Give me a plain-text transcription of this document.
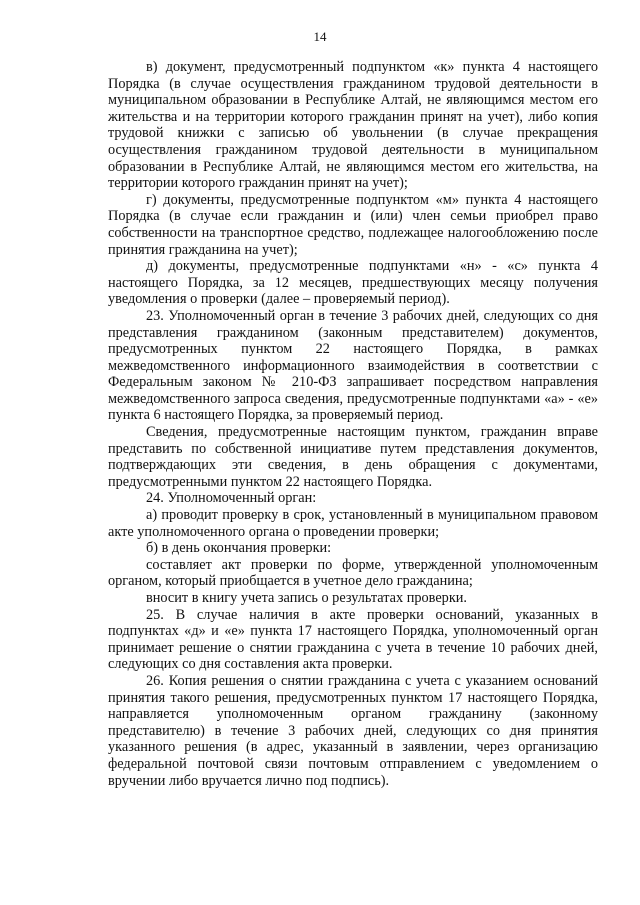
14

в) документ, предусмотренный подпунктом «к» пункта 4 настоящего Порядка (в случае осуществления гражданином трудовой деятельности в муниципальном образовании в Республике Алтай, не являющимся местом его жительства и на территории которого гражданин принят на учет), либо копия трудовой книжки с записью об увольнении (в случае прекращения осуществления гражданином трудовой деятельности в муниципальном образовании в Республике Алтай, не являющимся местом его жительства, на территории которого гражданин принят на учет);

г) документы, предусмотренные подпунктом «м» пункта 4 настоящего Порядка (в случае если гражданин и (или) член семьи приобрел право собственности на транспортное средство, подлежащее налогообложению после принятия гражданина на учет);

д) документы, предусмотренные подпунктами «н» - «с» пункта 4 настоящего Порядка, за 12 месяцев, предшествующих месяцу получения уведомления о проверки (далее – проверяемый период).

23. Уполномоченный орган в течение 3 рабочих дней, следующих со дня представления гражданином (законным представителем) документов, предусмотренных пунктом 22 настоящего Порядка, в рамках межведомственного информационного взаимодействия в соответствии с Федеральным законом № 210-ФЗ запрашивает посредством направления межведомственного запроса сведения, предусмотренные подпунктами «а» - «е» пункта 6 настоящего Порядка, за проверяемый период.

Сведения, предусмотренные настоящим пунктом, гражданин вправе представить по собственной инициативе путем представления документов, подтверждающих эти сведения, в день обращения с документами, предусмотренными пунктом 22 настоящего Порядка.

24. Уполномоченный орган:

а) проводит проверку в срок, установленный в муниципальном правовом акте уполномоченного органа о проведении проверки;

б) в день окончания проверки:

составляет акт проверки по форме, утвержденной уполномоченным органом, который приобщается в учетное дело гражданина;

вносит в книгу учета запись о результатах проверки.

25. В случае наличия в акте проверки оснований, указанных в подпунктах «д» и «е» пункта 17 настоящего Порядка, уполномоченный орган принимает решение о снятии гражданина с учета в течение 10 рабочих дней, следующих со дня составления акта проверки.

26. Копия решения о снятии гражданина с учета с указанием оснований принятия такого решения, предусмотренных пунктом 17 настоящего Порядка, направляется уполномоченным органом гражданину (законному представителю) в течение 3 рабочих дней, следующих со дня принятия указанного решения (в адрес, указанный в заявлении, через организацию федеральной почтовой связи почтовым отправлением с уведомлением о вручении либо вручается лично под подпись).
